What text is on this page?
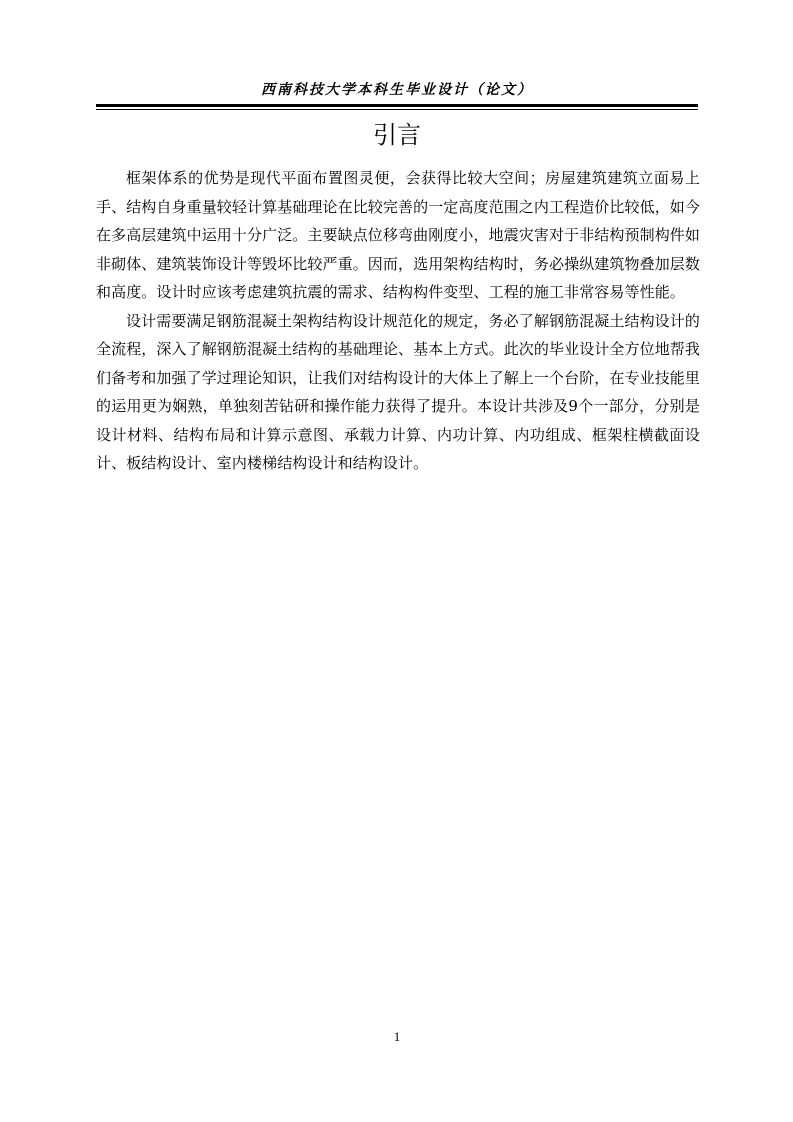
西南科技大学本科生毕业设计（论文）
引言

框架体系的优势是现代平面布置图灵便，会获得比较大空间；房屋建筑建筑立面易上手、结构自身重量较轻计算基础理论在比较完善的一定高度范围之内工程造价比较低，如今在多高层建筑中运用十分广泛。主要缺点位移弯曲刚度小，地震灾害对于非结构预制构件如非砌体、建筑装饰设计等毁坏比较严重。因而，选用架构结构时，务必操纵建筑物叠加层数和高度。设计时应该考虑建筑抗震的需求、结构构件变型、工程的施工非常容易等性能。

设计需要满足钢筋混凝土架构结构设计规范化的规定，务必了解钢筋混凝土结构设计的全流程，深入了解钢筋混凝土结构的基础理论、基本上方式。此次的毕业设计全方位地帮我们备考和加强了学过理论知识，让我们对结构设计的大体上了解上一个台阶，在专业技能里的运用更为娴熟，单独刻苦钻研和操作能力获得了提升。本设计共涉及9个一部分，分别是设计材料、结构布局和计算示意图、承载力计算、内功计算、内功组成、框架柱横截面设计、板结构设计、室内楼梯结构设计和结构设计。

1
